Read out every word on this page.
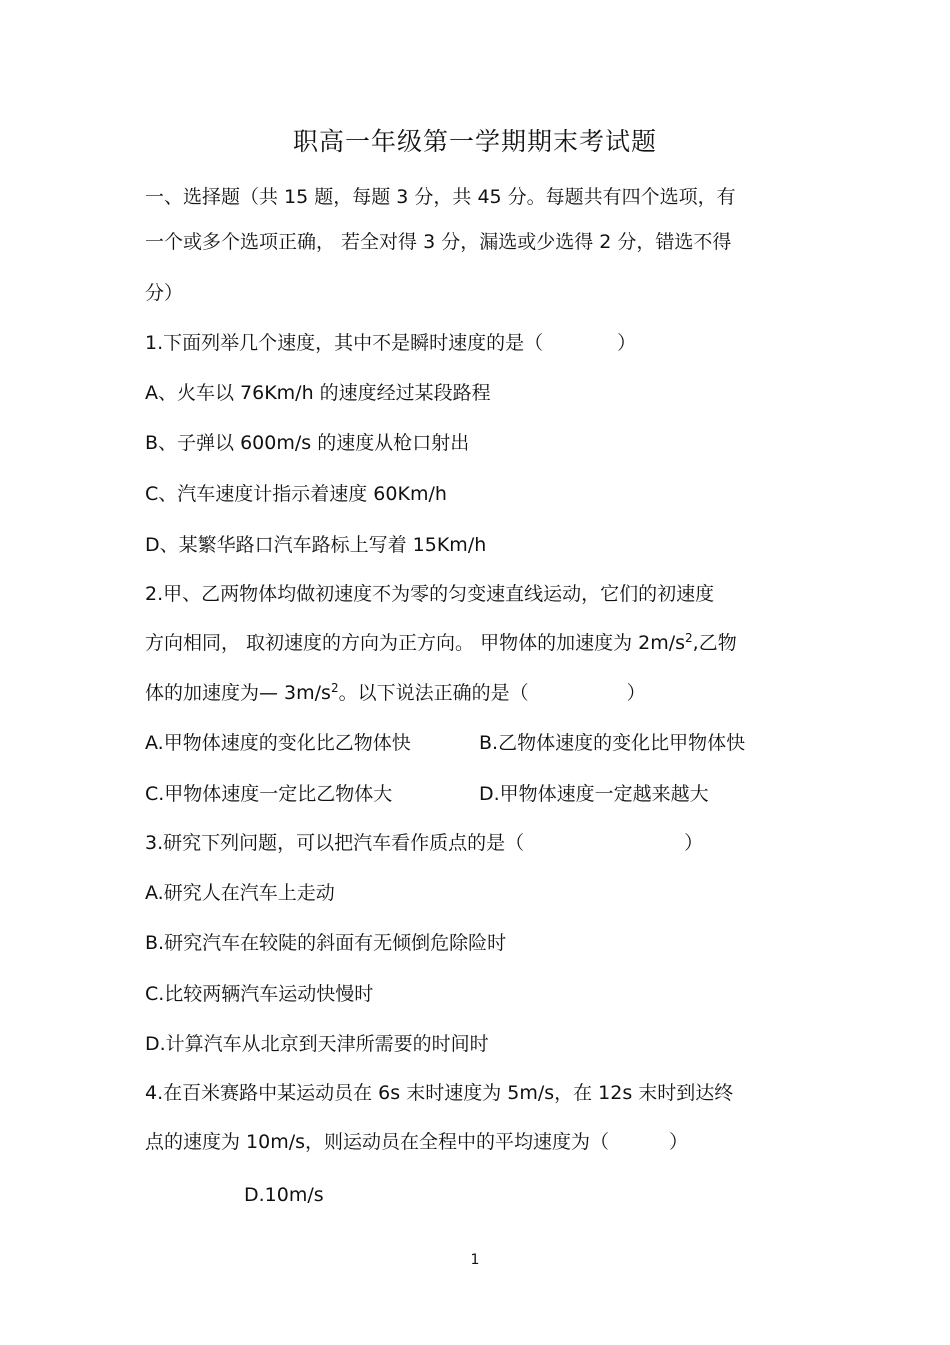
职高一年级第一学期期末考试题
一、选择题（共 15 题，每题 3 分，共 45 分。每题共有四个选项，有
一个或多个选项正确， 若全对得 3 分，漏选或少选得 2 分，错选不得
分）
1.下面列举几个速度，其中不是瞬时速度的是（	）
A、火车以 76Km/h 的速度经过某段路程
B、子弹以 600m/s 的速度从枪口射出
C、汽车速度计指示着速度 60Km/h
D、某繁华路口汽车路标上写着 15Km/h
2.甲、乙两物体均做初速度不为零的匀变速直线运动，它们的初速度
方向相同， 取初速度的方向为正方向。 甲物体的加速度为 $2m/s^2$,乙物
体的加速度为— $3m/s^2$。以下说法正确的是（	）
A.甲物体速度的变化比乙物体快	B.乙物体速度的变化比甲物体快
C.甲物体速度一定比乙物体大	D.甲物体速度一定越来越大
3.研究下列问题，可以把汽车看作质点的是（	）
A.研究人在汽车上走动
B.研究汽车在较陡的斜面有无倾倒危除险时
C.比较两辆汽车运动快慢时
D.计算汽车从北京到天津所需要的时间时
4.在百米赛路中某运动员在 6s 末时速度为 5m/s，在 12s 末时到达终
点的速度为 10m/s，则运动员在全程中的平均速度为（	）
D.10m/s
1
